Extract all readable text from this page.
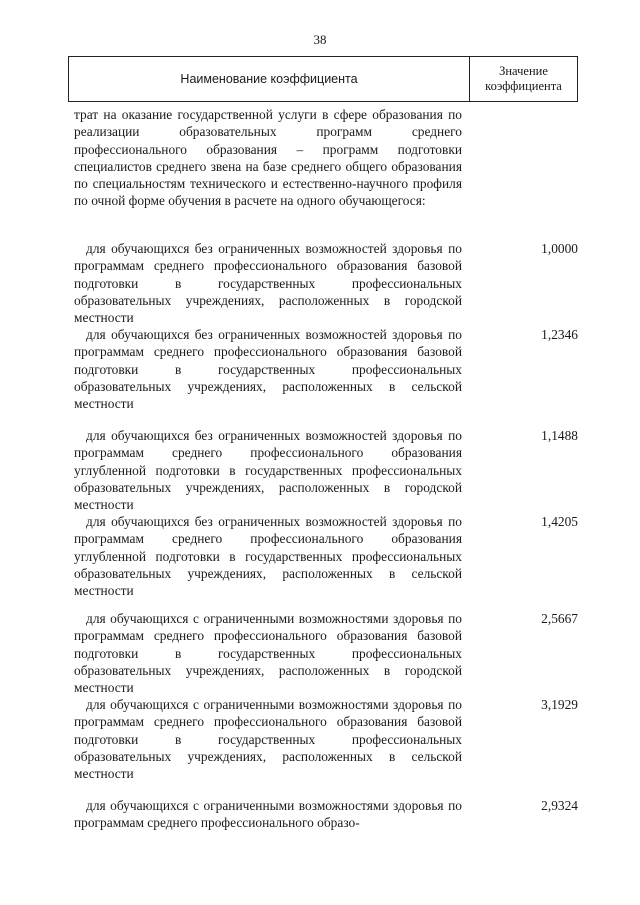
38
Наименование коэффициента
Значение
коэффициента
трат на оказание государственной услуги в сфере образования по реализации образовательных программ среднего профессионального образования – программ подготовки специалистов среднего звена на базе среднего общего образования по специальностям технического и естественно-научного профиля по очной форме обучения в расчете на одного обучающегося:
для обучающихся без ограниченных возможностей здоровья по программам среднего профессионального образования базовой подготовки в государственных профессиональных образовательных учреждениях, расположенных в городской местности
1,0000
для обучающихся без ограниченных возможностей здоровья по программам среднего профессионального образования базовой подготовки в государственных профессиональных образовательных учреждениях, расположенных в сельской местности
1,2346
для обучающихся без ограниченных возможностей здоровья по программам среднего профессионального образования углубленной подготовки в государственных профессиональных образовательных учреждениях, расположенных в городской местности
1,1488
для обучающихся без ограниченных возможностей здоровья по программам среднего профессионального образования углубленной подготовки в государственных профессиональных образовательных учреждениях, расположенных в сельской местности
1,4205
для обучающихся с ограниченными возможностями здоровья по программам среднего профессионального образования базовой подготовки в государственных профессиональных образовательных учреждениях, расположенных в городской местности
2,5667
для обучающихся с ограниченными возможностями здоровья по программам среднего профессионального образования базовой подготовки в государственных профессиональных образовательных учреждениях, расположенных в сельской местности
3,1929
для обучающихся с ограниченными возможностями здоровья по программам среднего профессионального образо-
2,9324
